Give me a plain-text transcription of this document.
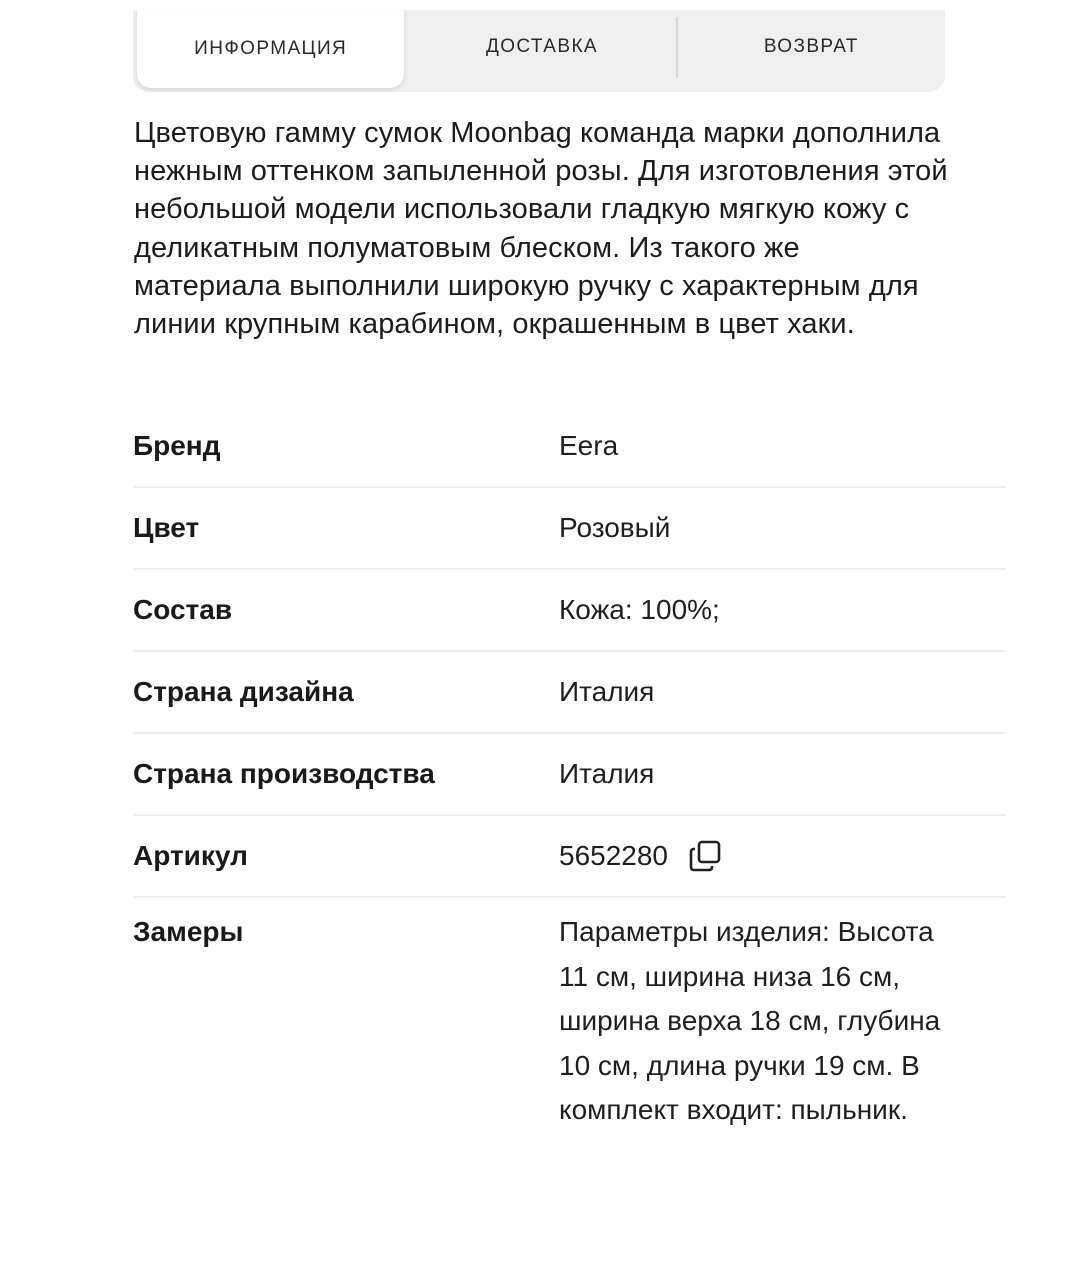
ИНФОРМАЦИЯ	ДОСТАВКА	ВОЗВРАТ
Цветовую гамму сумок Moonbag команда марки дополнила нежным оттенком запыленной розы. Для изготовления этой небольшой модели использовали гладкую мягкую кожу с деликатным полуматовым блеском. Из такого же материала выполнили широкую ручку с характерным для линии крупным карабином, окрашенным в цвет хаки.
Бренд	Eera
Цвет	Розовый
Состав	Кожа: 100%;
Страна дизайна	Италия
Страна производства	Италия
Артикул	5652280
Замеры	Параметры изделия: Высота 11 см, ширина низа 16 см, ширина верха 18 см, глубина 10 см, длина ручки 19 см. В комплект входит: пыльник.
